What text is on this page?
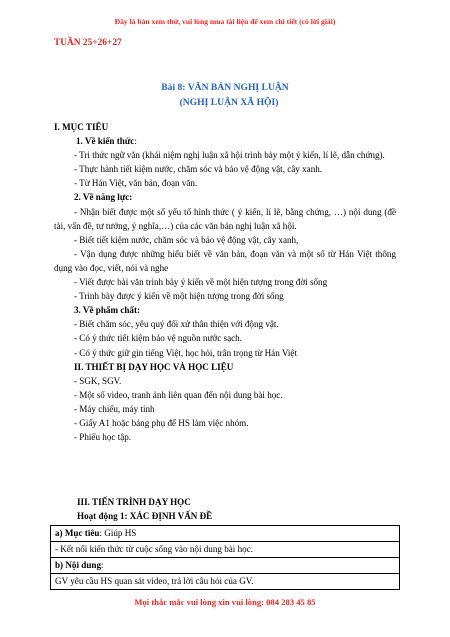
Đây là bản xem thử, vui lòng mua tài liệu để xem chi tiết (có lời giải)
TUẦN 25+26+27
Bài 8: VĂN BẢN NGHỊ LUẬN
(NGHỊ LUẬN XÃ HỘI)
I. MỤC TIÊU
1. Về kiến thức:
- Tri thức ngữ văn (khái niệm nghị luận xã hội trình bày một ý kiến, lí lẽ, dẫn chứng).
- Thực hành tiết kiệm nước, chăm sóc và bảo vệ động vật, cây xanh.
- Từ Hán Việt, văn bản, đoạn văn.
2. Về năng lực:
- Nhận biết được một số yếu tố hình thức ( ý kiến, lí lẽ, bằng chứng, …) nội dung (đề tài, vấn đề, tư tưởng, ý nghĩa,…) của các văn bản nghị luận xã hội.
- Biết tiết kiệm nước, chăm sóc và bảo vệ động vật, cây xanh,
- Vận dụng được những hiểu biết về văn bản, đoạn văn và một số từ Hán Việt thông dụng vào đọc, viết, nói và nghe
- Viết được bài văn trình bày ý kiến về một hiện tượng trong đời sống
- Trình bày được ý kiến về một hiện tượng trong đời sống
3. Về phẩm chất:
- Biết chăm sóc, yêu quý đối xử thân thiện với động vật.
- Có ý thức tiết kiệm bảo vệ nguồn nước sạch.
- Có ý thức giữ gìn tiếng Việt, học hỏi, trân trọng từ Hán Việt
II. THIẾT BỊ DẠY HỌC VÀ HỌC LIỆU
- SGK, SGV.
- Một số video, tranh ảnh liên quan đến nội dung bài học.
- Máy chiếu, máy tính
- Giấy A1 hoặc bảng phụ để HS làm việc nhóm.
- Phiếu học tập.
III. TIẾN TRÌNH DẠY HỌC
Hoạt động 1: XÁC ĐỊNH VẤN ĐỀ
a) Mục tiêu: Giúp HS
- Kết nối kiến thức từ cuộc sống vào nội dung bài học.
b) Nội dung:
GV yêu cầu HS quan sát video, trả lời câu hỏi của GV.
Mọi thắc mắc vui lòng xin vui lòng: 084 283 45 85
